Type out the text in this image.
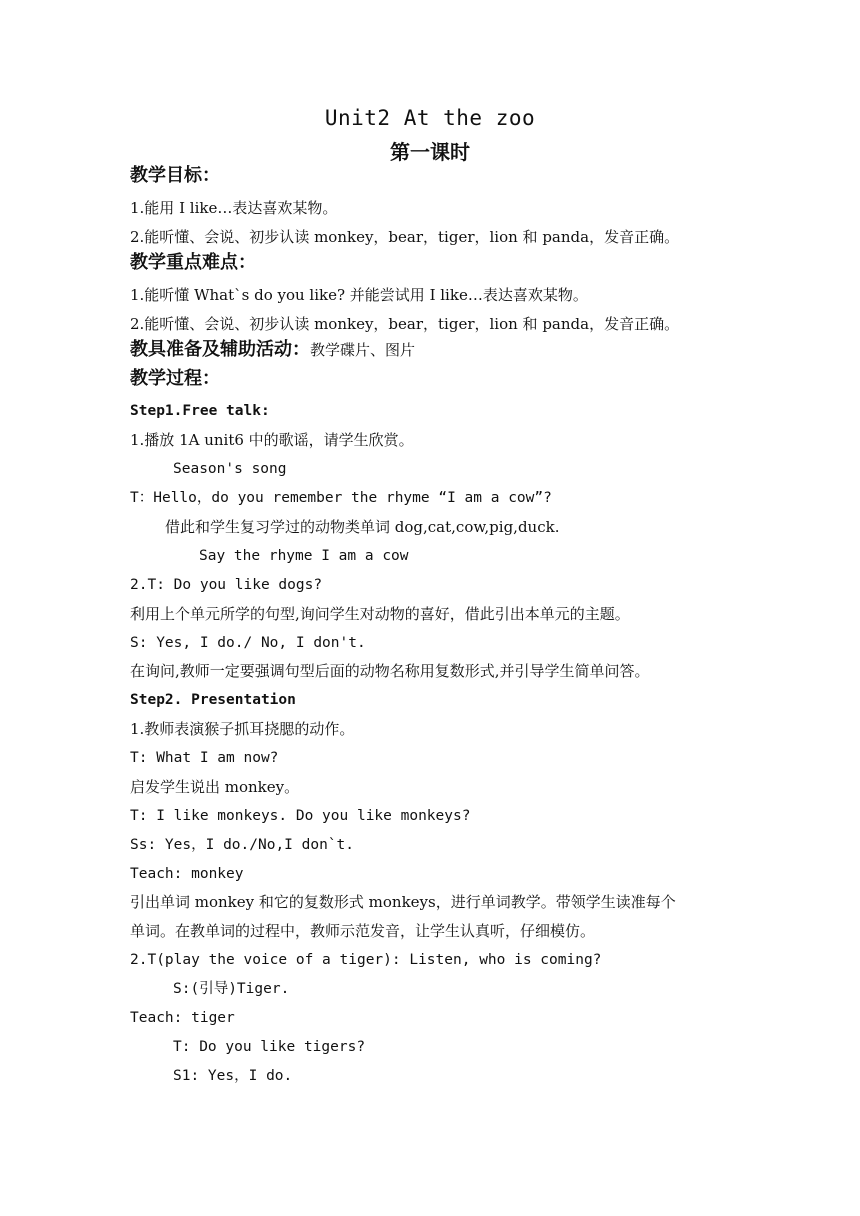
Unit2 At the zoo
第一课时
教学目标：
1.能用 I like…表达喜欢某物。
2.能听懂、会说、初步认读 monkey，bear，tiger，lion 和 panda，发音正确。
教学重点难点：
1.能听懂 What`s do you like? 并能尝试用 I like…表达喜欢某物。
2.能听懂、会说、初步认读 monkey，bear，tiger，lion 和 panda，发音正确。
教具准备及辅助活动：教学碟片、图片
教学过程：
Step1.Free talk:
1.播放 1A unit6 中的歌谣，请学生欣赏。
Season's song
T：Hello，do you remember the rhyme “I am a cow”?
借此和学生复习学过的动物类单词 dog,cat,cow,pig,duck.
Say the rhyme I am a cow
2.T: Do you like dogs?
利用上个单元所学的句型,询问学生对动物的喜好，借此引出本单元的主题。
S: Yes, I do./ No, I don't.
在询问,教师一定要强调句型后面的动物名称用复数形式,并引导学生简单问答。
Step2. Presentation
1.教师表演猴子抓耳挠腮的动作。
T: What I am now?
启发学生说出 monkey。
T: I like monkeys. Do you like monkeys?
Ss: Yes，I do./No,I don`t.
Teach: monkey
引出单词 monkey 和它的复数形式 monkeys，进行单词教学。带领学生读准每个
单词。在教单词的过程中，教师示范发音，让学生认真听，仔细模仿。
2.T(play the voice of a tiger): Listen, who is coming?
S:(引导)Tiger.
Teach: tiger
T: Do you like tigers?
S1: Yes，I do.
